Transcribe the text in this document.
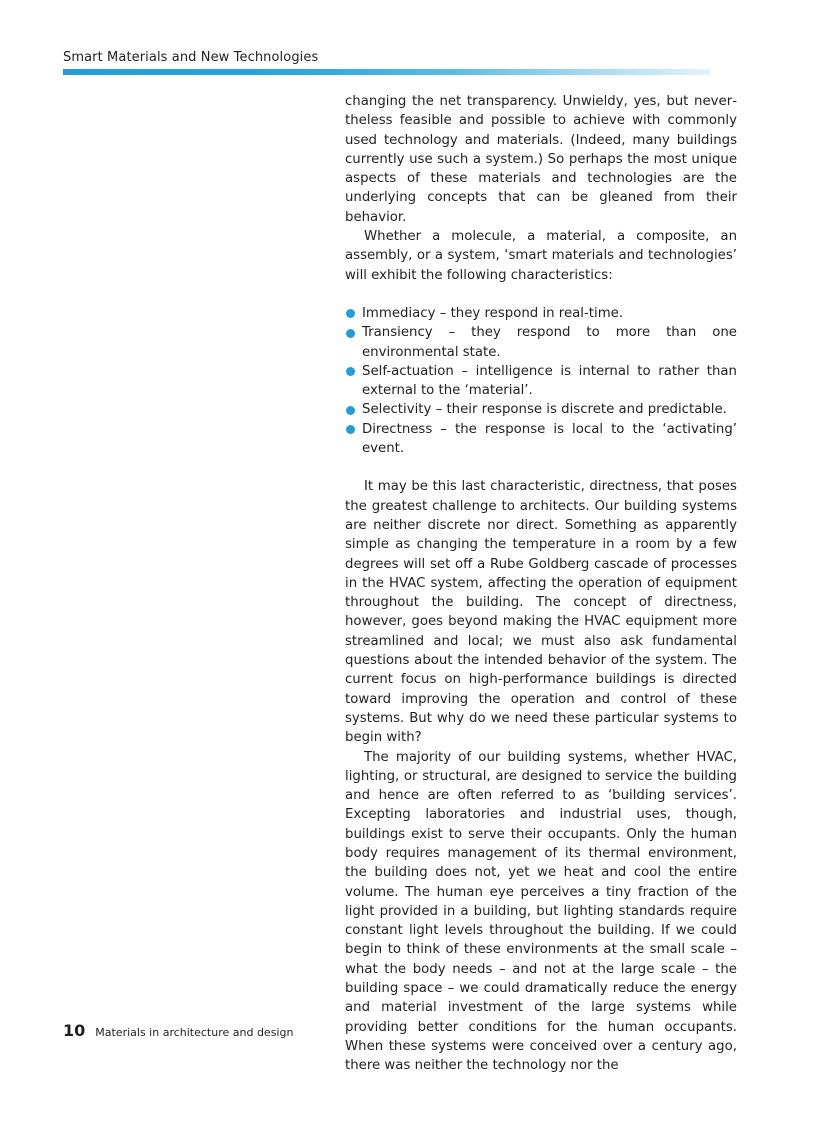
Smart Materials and New Technologies

changing the net transparency. Unwieldy, yes, but nevertheless feasible and possible to achieve with commonly used technology and materials. (Indeed, many buildings currently use such a system.) So perhaps the most unique aspects of these materials and technologies are the underlying concepts that can be gleaned from their behavior.

Whether a molecule, a material, a composite, an assembly, or a system, ‘smart materials and technologies’ will exhibit the following characteristics:

Immediacy – they respond in real-time.
Transiency – they respond to more than one environmental state.
Self-actuation – intelligence is internal to rather than external to the ‘material’.
Selectivity – their response is discrete and predictable.
Directness – the response is local to the ‘activating’ event.

It may be this last characteristic, directness, that poses the greatest challenge to architects. Our building systems are neither discrete nor direct. Something as apparently simple as changing the temperature in a room by a few degrees will set off a Rube Goldberg cascade of processes in the HVAC system, affecting the operation of equipment throughout the building. The concept of directness, however, goes beyond making the HVAC equipment more streamlined and local; we must also ask fundamental questions about the intended behavior of the system. The current focus on high-performance buildings is directed toward improving the operation and control of these systems. But why do we need these particular systems to begin with?

The majority of our building systems, whether HVAC, lighting, or structural, are designed to service the building and hence are often referred to as ‘building services’. Excepting laboratories and industrial uses, though, buildings exist to serve their occupants. Only the human body requires management of its thermal environment, the building does not, yet we heat and cool the entire volume. The human eye perceives a tiny fraction of the light provided in a building, but lighting standards require constant light levels throughout the building. If we could begin to think of these environments at the small scale – what the body needs – and not at the large scale – the building space – we could dramatically reduce the energy and material investment of the large systems while providing better conditions for the human occupants. When these systems were conceived over a century ago, there was neither the technology nor the

10 Materials in architecture and design
